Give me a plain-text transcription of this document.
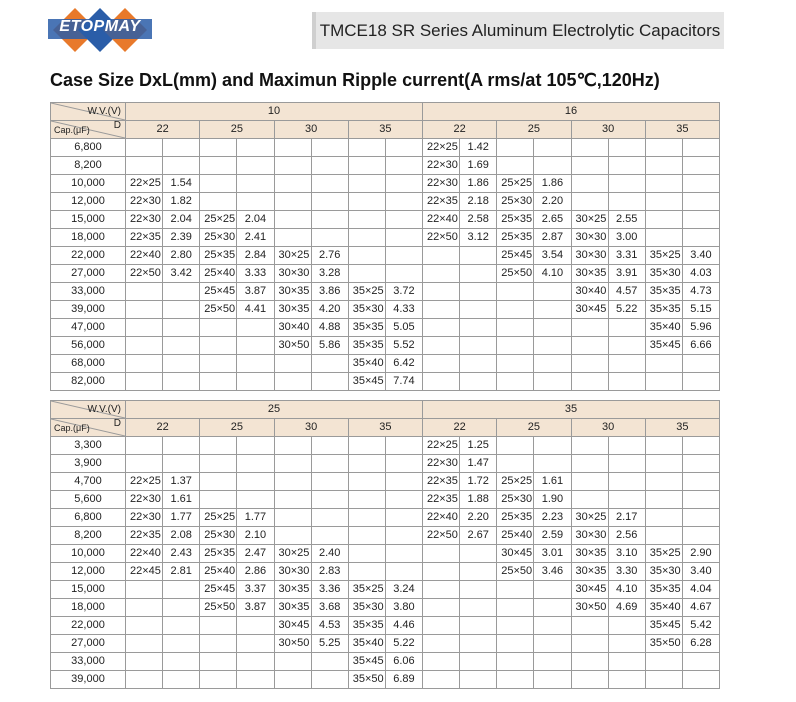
ETOPMAY	TMCE18 SR Series Aluminum Electrolytic Capacitors
Case Size DxL(mm) and Maximun Ripple current(A rms/at 105℃,120Hz)
W.V.(V)	10								16							

Cap.(μF) D	22		25		30		35		22		25		30		35	
6,800									22×25	1.42						
8,200									22×30	1.69						
10,000	22×25	1.54							22×30	1.86	25×25	1.86				
12,000	22×30	1.82							22×35	2.18	25×30	2.20				
15,000	22×30	2.04	25×25	2.04					22×40	2.58	25×35	2.65	30×25	2.55		
18,000	22×35	2.39	25×30	2.41					22×50	3.12	25×35	2.87	30×30	3.00		
22,000	22×40	2.80	25×35	2.84	30×25	2.76					25×45	3.54	30×30	3.31	35×25	3.40
27,000	22×50	3.42	25×40	3.33	30×30	3.28					25×50	4.10	30×35	3.91	35×30	4.03
33,000			25×45	3.87	30×35	3.86	35×25	3.72					30×40	4.57	35×35	4.73
39,000			25×50	4.41	30×35	4.20	35×30	4.33					30×45	5.22	35×35	5.15
47,000					30×40	4.88	35×35	5.05							35×40	5.96
56,000					30×50	5.86	35×35	5.52							35×45	6.66
68,000							35×40	6.42								
82,000							35×45	7.74								
W.V.(V)	25								35							

Cap.(μF) D	22		25		30		35		22		25		30		35	
3,300									22×25	1.25						
3,900									22×30	1.47						
4,700	22×25	1.37							22×35	1.72	25×25	1.61				
5,600	22×30	1.61							22×35	1.88	25×30	1.90				
6,800	22×30	1.77	25×25	1.77					22×40	2.20	25×35	2.23	30×25	2.17		
8,200	22×35	2.08	25×30	2.10					22×50	2.67	25×40	2.59	30×30	2.56		
10,000	22×40	2.43	25×35	2.47	30×25	2.40					30×45	3.01	30×35	3.10	35×25	2.90
12,000	22×45	2.81	25×40	2.86	30×30	2.83					25×50	3.46	30×35	3.30	35×30	3.40
15,000			25×45	3.37	30×35	3.36	35×25	3.24					30×45	4.10	35×35	4.04
18,000			25×50	3.87	30×35	3.68	35×30	3.80					30×50	4.69	35×40	4.67
22,000					30×45	4.53	35×35	4.46							35×45	5.42
27,000					30×50	5.25	35×40	5.22							35×50	6.28
33,000							35×45	6.06								
39,000							35×50	6.89								
